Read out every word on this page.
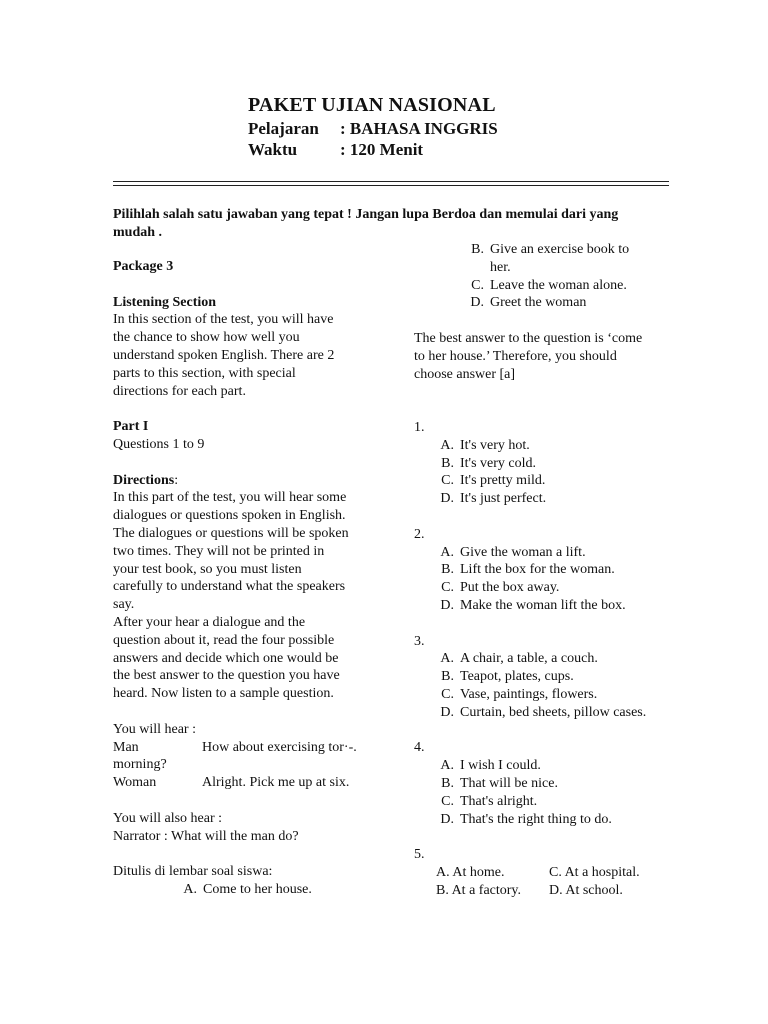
PAKET UJIAN NASIONAL
Pelajaran : BAHASA INGGRIS
Waktu	: 120 Menit
Pilihlah salah satu jawaban yang tepat ! Jangan lupa Berdoa dan memulai dari yang
mudah .

Package 3

Listening Section

In this section of the test, you will have

the chance to show how well you

understand spoken English. There are 2

parts to this section, with special

directions for each part.

Part I

Questions 1 to 9

Directions:

In this part of the test, you will hear some

dialogues or questions spoken in English.

The dialogues or questions will be spoken

two times. They will not be printed in

your test book, so you must listen

carefully to understand what the speakers

say.

After your hear a dialogue and the

question about it, read the four possible

answers and decide which one would be

the best answer to the question you have

heard. Now listen to a sample question.

You will hear :

Man	How about exercising tor·-.

morning?

Woman	Alright. Pick me up at six.

You will also hear :

Narrator : What will the man do?

Ditulis di lembar soal siswa:

A. Come to her house.
B. Give an exercise book to
her.
C. Leave the woman alone.
D. Greet the woman

The best answer to the question is ‘come

to her house.’ Therefore, you should

choose answer [a]

1.

A. It's very hot.
B. It's very cold.
C. It's pretty mild.
D. It's just perfect.

2.

A. Give the woman a lift.
B. Lift the box for the woman.
C. Put the box away.
D. Make the woman lift the box.

3.

A. A chair, a table, a couch.
B. Teapot, plates, cups.
C. Vase, paintings, flowers.
D. Curtain, bed sheets, pillow cases.

4.

A. I wish I could.
B. That will be nice.
C. That's alright.
D. That's the right thing to do.

5.

A. At home.	C. At a hospital.
B. At a factory.	D. At school.
